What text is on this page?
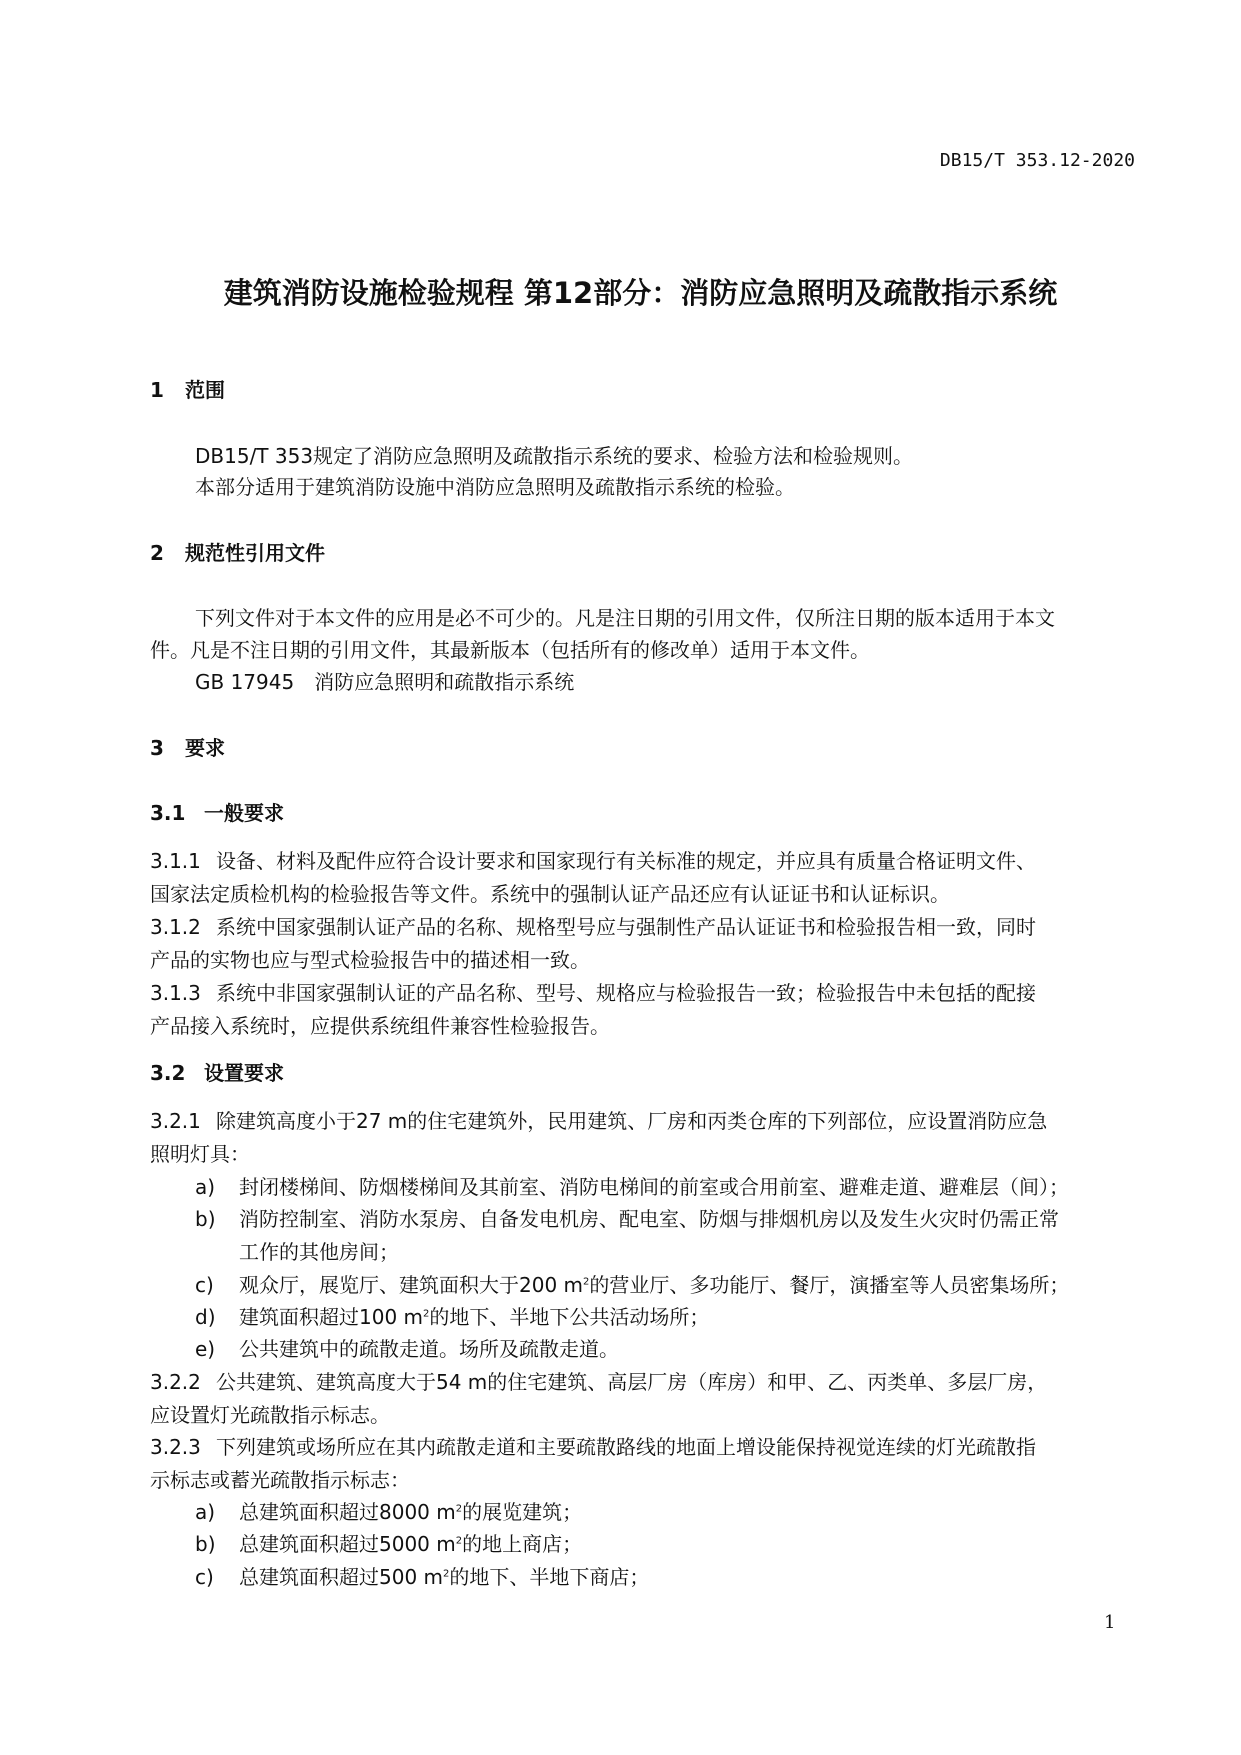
DB15/T 353.12-2020
建筑消防设施检验规程 第12部分：消防应急照明及疏散指示系统
1 范围
DB15/T 353规定了消防应急照明及疏散指示系统的要求、检验方法和检验规则。
本部分适用于建筑消防设施中消防应急照明及疏散指示系统的检验。
2 规范性引用文件
下列文件对于本文件的应用是必不可少的。凡是注日期的引用文件，仅所注日期的版本适用于本文
件。凡是不注日期的引用文件，其最新版本（包括所有的修改单）适用于本文件。
GB 17945　消防应急照明和疏散指示系统
3 要求
3.1 一般要求
3.1.1 设备、材料及配件应符合设计要求和国家现行有关标准的规定，并应具有质量合格证明文件、
国家法定质检机构的检验报告等文件。系统中的强制认证产品还应有认证证书和认证标识。
3.1.2 系统中国家强制认证产品的名称、规格型号应与强制性产品认证证书和检验报告相一致，同时
产品的实物也应与型式检验报告中的描述相一致。
3.1.3 系统中非国家强制认证的产品名称、型号、规格应与检验报告一致；检验报告中未包括的配接
产品接入系统时，应提供系统组件兼容性检验报告。
3.2 设置要求
3.2.1 除建筑高度小于27 m的住宅建筑外，民用建筑、厂房和丙类仓库的下列部位，应设置消防应急
照明灯具：
a) 封闭楼梯间、防烟楼梯间及其前室、消防电梯间的前室或合用前室、避难走道、避难层（间）；
b) 消防控制室、消防水泵房、自备发电机房、配电室、防烟与排烟机房以及发生火灾时仍需正常
工作的其他房间；
c) 观众厅，展览厅、建筑面积大于200 $m^2$的营业厅、多功能厅、餐厅，演播室等人员密集场所；
d) 建筑面积超过100 $m^2$的地下、半地下公共活动场所；
e) 公共建筑中的疏散走道。场所及疏散走道。
3.2.2 公共建筑、建筑高度大于54 m的住宅建筑、高层厂房（库房）和甲、乙、丙类单、多层厂房，
应设置灯光疏散指示标志。
3.2.3 下列建筑或场所应在其内疏散走道和主要疏散路线的地面上增设能保持视觉连续的灯光疏散指
示标志或蓄光疏散指示标志：
a) 总建筑面积超过8000 $m^2$的展览建筑；
b) 总建筑面积超过5000 $m^2$的地上商店；
c) 总建筑面积超过500 $m^2$的地下、半地下商店；
1
